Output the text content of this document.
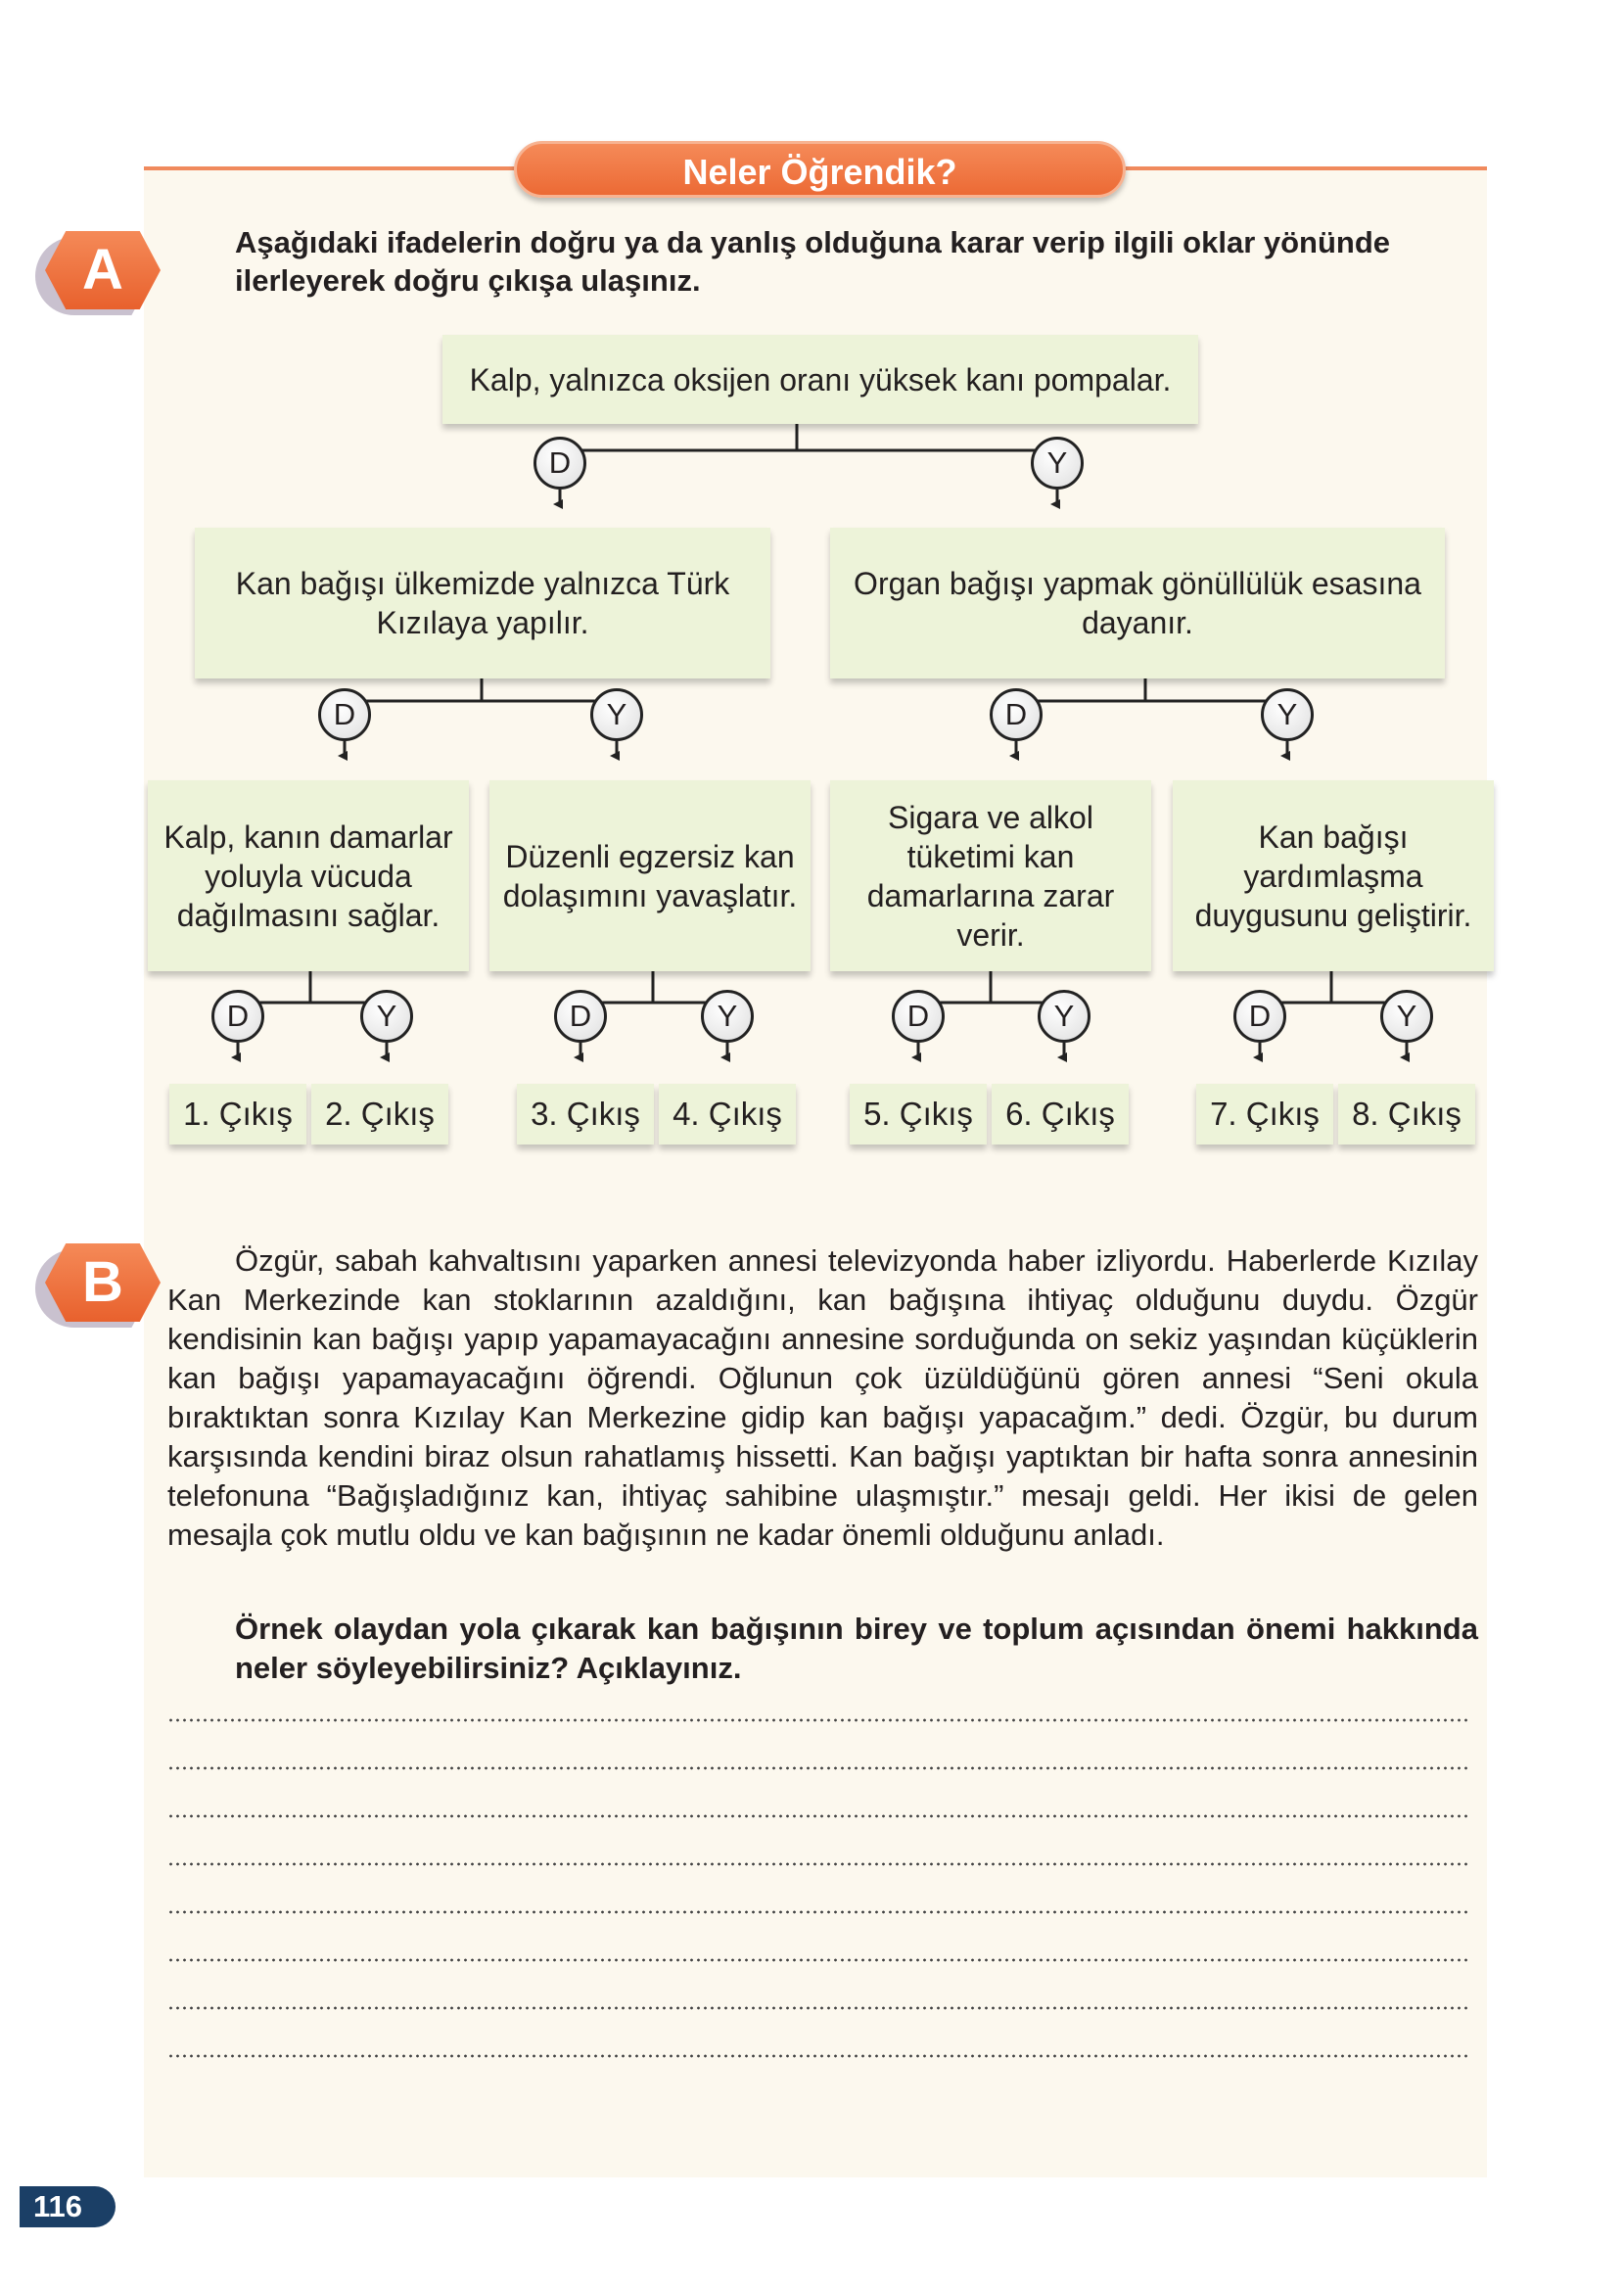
Neler Öğrendik?
A	Aşağıdaki ifadelerin doğru ya da yanlış olduğuna karar verip ilgili oklar yönünde ilerleyerek doğru çıkışa ulaşınız.
Kalp, yalnızca oksijen oranı yüksek kanı pompalar.
Kan bağışı ülkemizde yalnızca Türk Kızılaya yapılır.
Organ bağışı yapmak gönüllülük esasına dayanır.
Kalp, kanın damarlar yoluyla vücuda dağılmasını sağlar.
Düzenli egzersiz kan dolaşımını yavaşlatır.
Sigara ve alkol tüketimi kan damarlarına zarar verir.
Kan bağışı yardımlaşma duygusunu geliştirir.
D	Y
D	Y	D	Y
D	Y	D	Y	D	Y	D	Y
1. Çıkış	2. Çıkış	3. Çıkış	4. Çıkış	5. Çıkış	6. Çıkış	7. Çıkış	8. Çıkış
B	Özgür, sabah kahvaltısını yaparken annesi televizyonda haber izliyordu. Haberlerde Kızılay Kan Merkezinde kan stoklarının azaldığını, kan bağışına ihtiyaç olduğunu duydu. Özgür kendisinin kan bağışı yapıp yapamayacağını annesine sorduğunda on sekiz yaşından küçüklerin kan bağışı yapamayacağını öğrendi. Oğlunun çok üzüldüğünü gören annesi “Seni okula bıraktıktan sonra Kızılay Kan Merkezine gidip kan bağışı yapacağım.” dedi. Özgür, bu durum karşısında kendini biraz olsun rahatlamış hissetti. Kan bağışı yaptıktan bir hafta sonra annesinin telefonuna “Bağışladığınız kan, ihtiyaç sahibine ulaşmıştır.” mesajı geldi. Her ikisi de gelen mesajla çok mutlu oldu ve kan bağışının ne kadar önemli olduğunu anladı.

Örnek olaydan yola çıkarak kan bağışının birey ve toplum açısından önemi hakkında neler söyleyebilirsiniz? Açıklayınız.
116
